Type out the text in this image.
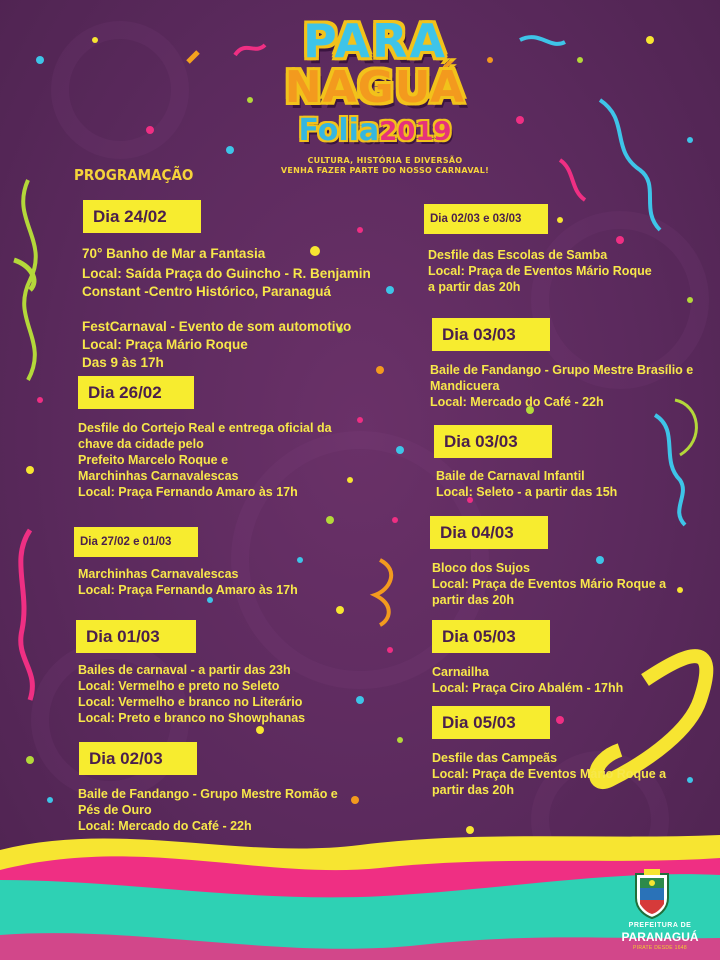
PARA
NAGUÁ
Folia2019
CULTURA, HISTÓRIA E DIVERSÃO
VENHA FAZER PARTE DO NOSSO CARNAVAL!
PROGRAMAÇÃO
Dia 24/02
70° Banho de Mar a Fantasia
Local: Saída Praça do Guincho - R. Benjamin
Constant -Centro Histórico, Paranaguá
FestCarnaval - Evento de som automotivo
Local: Praça Mário Roque
Das 9 às 17h
Dia 26/02
Desfile do Cortejo Real e entrega oficial da
chave da cidade pelo
Prefeito Marcelo Roque e
Marchinhas Carnavalescas
Local: Praça Fernando Amaro às 17h
Dia 27/02 e 01/03
Marchinhas Carnavalescas
Local: Praça Fernando Amaro às 17h
Dia 01/03
Bailes de carnaval - a partir das 23h
Local: Vermelho e preto no Seleto
Local: Vermelho e branco no Literário
Local: Preto e branco no Showphanas
Dia 02/03
Baile de Fandango - Grupo Mestre Romão e
Pés de Ouro
Local: Mercado do Café - 22h
Dia 02/03 e 03/03
Desfile das Escolas de Samba
Local: Praça de Eventos Mário Roque
a partir das 20h
Dia 03/03
Baile de Fandango - Grupo Mestre Brasílio e
Mandicuera
Local: Mercado do Café - 22h
Dia 03/03
Baile de Carnaval Infantil
Local: Seleto - a partir das 15h
Dia 04/03
Bloco dos Sujos
Local: Praça de Eventos Mário Roque a
partir das 20h
Dia 05/03
Carnailha
Local: Praça Ciro Abalém - 17hh
Dia 05/03
Desfile das Campeãs
Local: Praça de Eventos Mário Roque a
partir das 20h
PREFEITURA DE
PARANAGUÁ
PIRATE DESDE 1648
